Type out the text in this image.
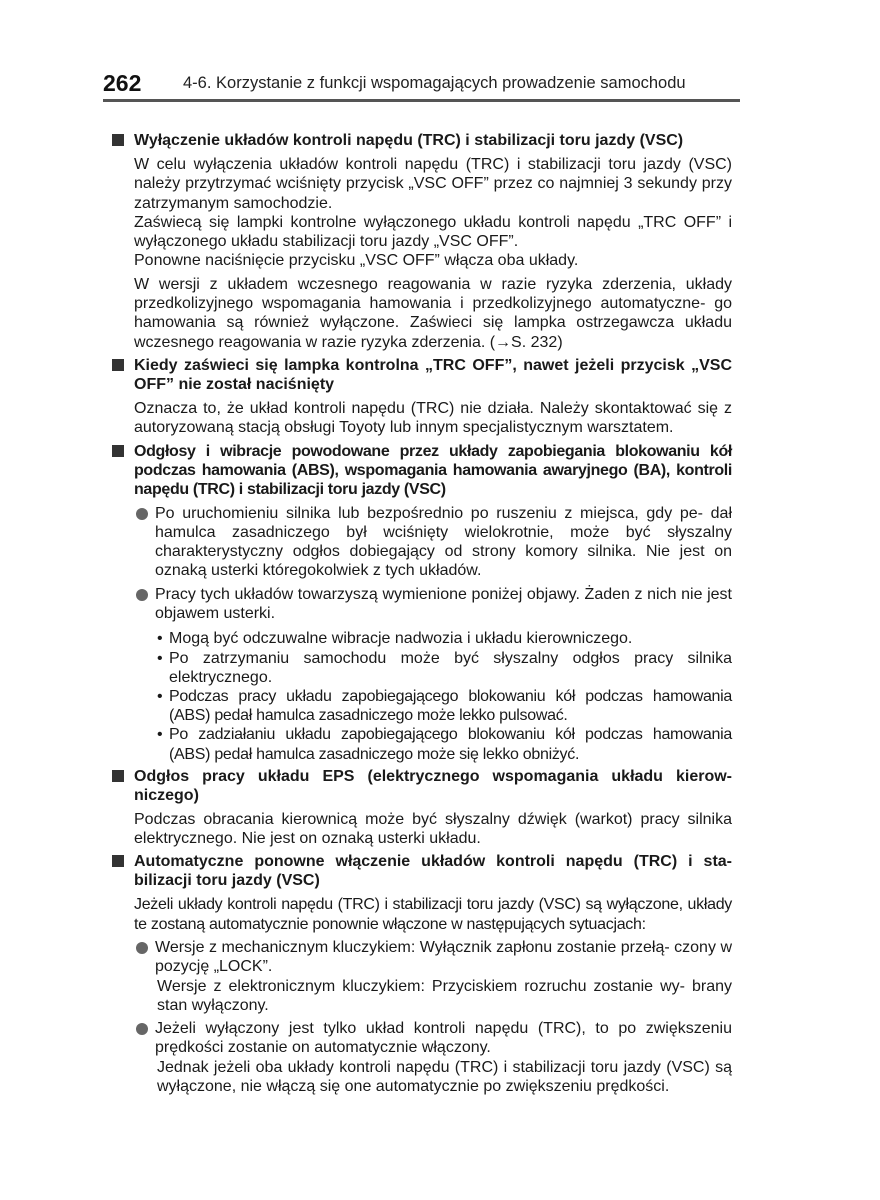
262	4-6. Korzystanie z funkcji wspomagających prowadzenie samochodu
Wyłączenie układów kontroli napędu (TRC) i stabilizacji toru jazdy (VSC)

W celu wyłączenia układów kontroli napędu (TRC) i stabilizacji toru jazdy (VSC) należy przytrzymać wciśnięty przycisk „VSC OFF” przez co najmniej 3 sekundy przy zatrzymanym samochodzie.

Zaświecą się lampki kontrolne wyłączonego układu kontroli napędu „TRC OFF” i wyłączonego układu stabilizacji toru jazdy „VSC OFF”.

Ponowne naciśnięcie przycisku „VSC OFF” włącza oba układy.

W wersji z układem wczesnego reagowania w razie ryzyka zderzenia, układy przedkolizyjnego wspomagania hamowania i przedkolizyjnego automatyczne- go hamowania są również wyłączone. Zaświeci się lampka ostrzegawcza układu wczesnego reagowania w razie ryzyka zderzenia. (→S. 232)

Kiedy zaświeci się lampka kontrolna „TRC OFF”, nawet jeżeli przycisk „VSC OFF” nie został naciśnięty

Oznacza to, że układ kontroli napędu (TRC) nie działa. Należy skontaktować się z autoryzowaną stacją obsługi Toyoty lub innym specjalistycznym warsztatem.

Odgłosy i wibracje powodowane przez układy zapobiegania blokowaniu kół podczas hamowania (ABS), wspomagania hamowania awaryjnego (BA), kontroli napędu (TRC) i stabilizacji toru jazdy (VSC)
Po uruchomieniu silnika lub bezpośrednio po ruszeniu z miejsca, gdy pe- dał hamulca zasadniczego był wciśnięty wielokrotnie, może być słyszalny charakterystyczny odgłos dobiegający od strony komory silnika. Nie jest on oznaką usterki któregokolwiek z tych układów.
Pracy tych układów towarzyszą wymienione poniżej objawy. Żaden z nich nie jest objawem usterki.
• Mogą być odczuwalne wibracje nadwozia i układu kierowniczego.
• Po zatrzymaniu samochodu może być słyszalny odgłos pracy silnika elektrycznego.
• Podczas pracy układu zapobiegającego blokowaniu kół podczas hamowania (ABS) pedał hamulca zasadniczego może lekko pulsować.
• Po zadziałaniu układu zapobiegającego blokowaniu kół podczas hamowania (ABS) pedał hamulca zasadniczego może się lekko obniżyć.
Odgłos pracy układu EPS (elektrycznego wspomagania układu kierow- niczego)

Podczas obracania kierownicą może być słyszalny dźwięk (warkot) pracy silnika elektrycznego. Nie jest on oznaką usterki układu.

Automatyczne ponowne włączenie układów kontroli napędu (TRC) i sta- bilizacji toru jazdy (VSC)

Jeżeli układy kontroli napędu (TRC) i stabilizacji toru jazdy (VSC) są wyłączone, układy te zostaną automatycznie ponownie włączone w następujących sytuacjach:

Wersje z mechanicznym kluczykiem: Wyłącznik zapłonu zostanie przełą- czony w pozycję „LOCK”.

Wersje z elektronicznym kluczykiem: Przyciskiem rozruchu zostanie wy- brany stan wyłączony.

Jeżeli wyłączony jest tylko układ kontroli napędu (TRC), to po zwiększeniu prędkości zostanie on automatycznie włączony.

Jednak jeżeli oba układy kontroli napędu (TRC) i stabilizacji toru jazdy (VSC) są wyłączone, nie włączą się one automatycznie po zwiększeniu prędkości.
